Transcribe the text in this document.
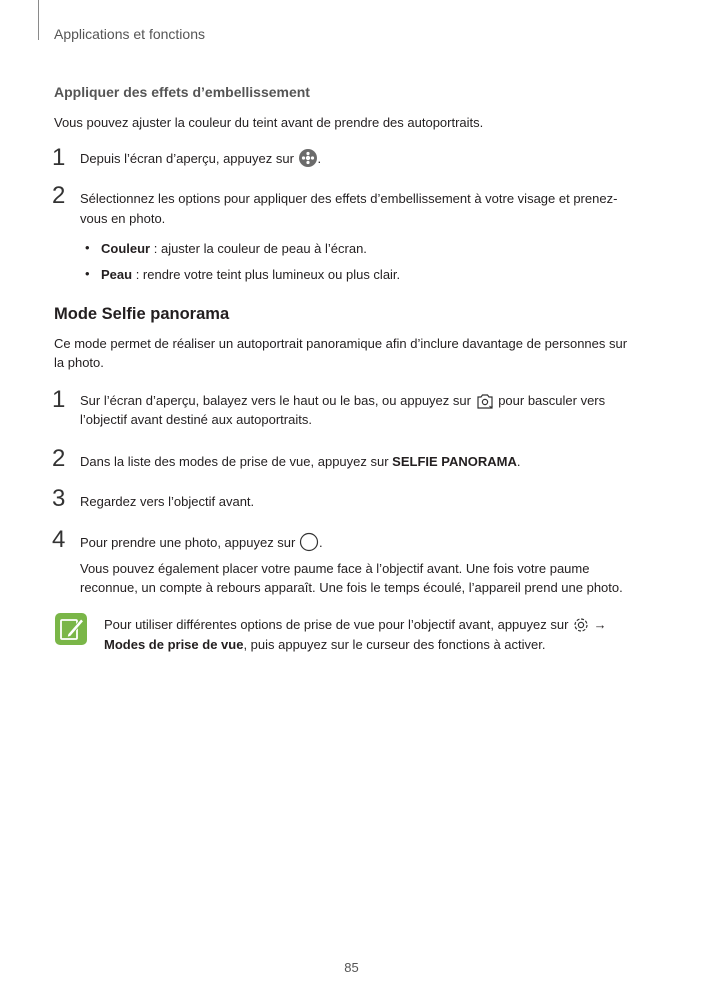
Applications et fonctions
Appliquer des effets d’embellissement
Vous pouvez ajuster la couleur du teint avant de prendre des autoportraits.
1	Depuis l’écran d’aperçu, appuyez sur .
2	Sélectionnez les options pour appliquer des effets d’embellissement à votre visage et prenez-
vous en photo.
• Couleur : ajuster la couleur de peau à l’écran.
• Peau : rendre votre teint plus lumineux ou plus clair.
Mode Selfie panorama
Ce mode permet de réaliser un autoportrait panoramique afin d’inclure davantage de personnes sur
la photo.
1	Sur l’écran d’aperçu, balayez vers le haut ou le bas, ou appuyez sur  pour basculer vers
l’objectif avant destiné aux autoportraits.
2	Dans la liste des modes de prise de vue, appuyez sur SELFIE PANORAMA.
3	Regardez vers l’objectif avant.
4	Pour prendre une photo, appuyez sur .
Vous pouvez également placer votre paume face à l’objectif avant. Une fois votre paume
reconnue, un compte à rebours apparaît. Une fois le temps écoulé, l’appareil prend une photo.
Pour utiliser différentes options de prise de vue pour l’objectif avant, appuyez sur  →
Modes de prise de vue, puis appuyez sur le curseur des fonctions à activer.
85
